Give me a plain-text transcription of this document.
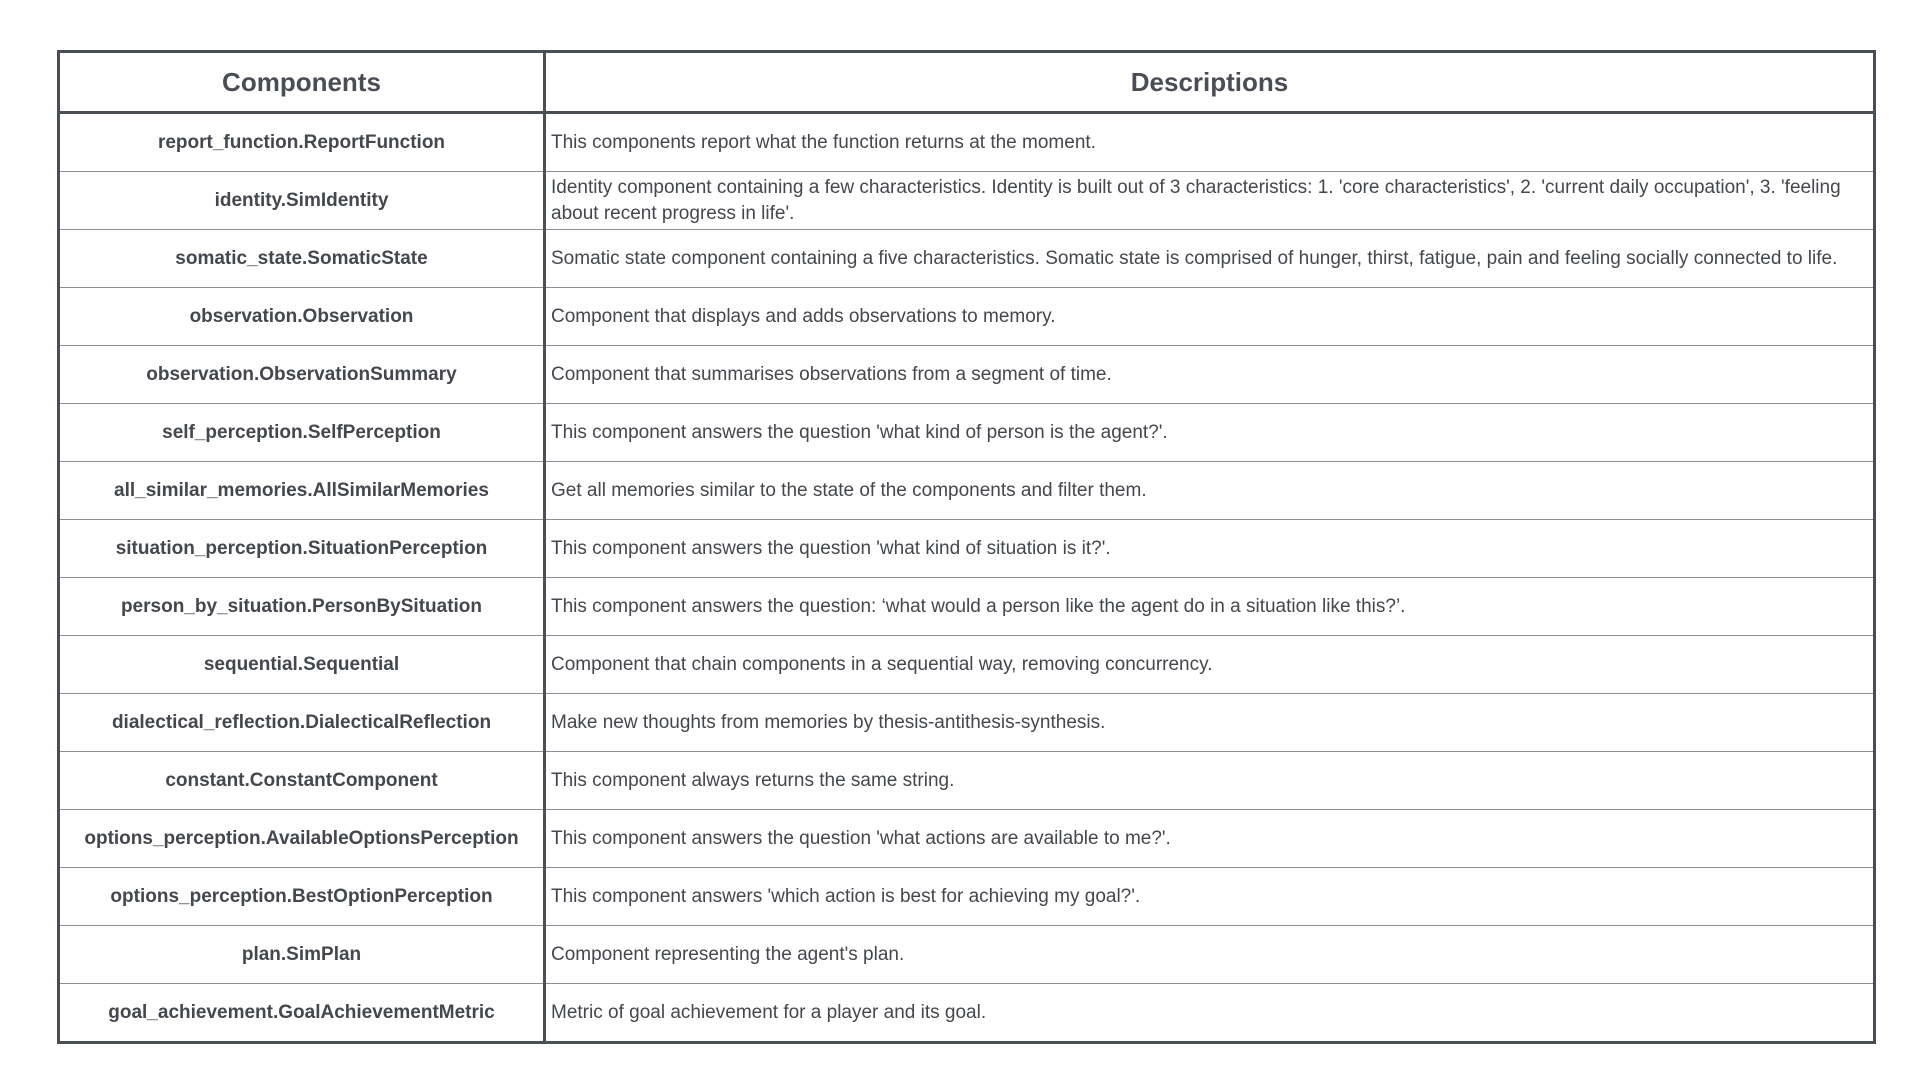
Components	Descriptions
report_function.ReportFunction	This components report what the function returns at the moment.
identity.SimIdentity	Identity component containing a few characteristics. Identity is built out of 3 characteristics: 1. 'core characteristics', 2. 'current daily occupation', 3. 'feeling about recent progress in life'.
somatic_state.SomaticState	Somatic state component containing a five characteristics. Somatic state is comprised of hunger, thirst, fatigue, pain and feeling socially connected to life.
observation.Observation	Component that displays and adds observations to memory.
observation.ObservationSummary	Component that summarises observations from a segment of time.
self_perception.SelfPerception	This component answers the question 'what kind of person is the agent?'.
all_similar_memories.AllSimilarMemories	Get all memories similar to the state of the components and filter them.
situation_perception.SituationPerception	This component answers the question 'what kind of situation is it?'.
person_by_situation.PersonBySituation	This component answers the question: ‘what would a person like the agent do in a situation like this?’.
sequential.Sequential	Component that chain components in a sequential way, removing concurrency.
dialectical_reflection.DialecticalReflection	Make new thoughts from memories by thesis-antithesis-synthesis.
constant.ConstantComponent	This component always returns the same string.
options_perception.AvailableOptionsPerception	This component answers the question 'what actions are available to me?'.
options_perception.BestOptionPerception	This component answers 'which action is best for achieving my goal?'.
plan.SimPlan	Component representing the agent's plan.
goal_achievement.GoalAchievementMetric	Metric of goal achievement for a player and its goal.
